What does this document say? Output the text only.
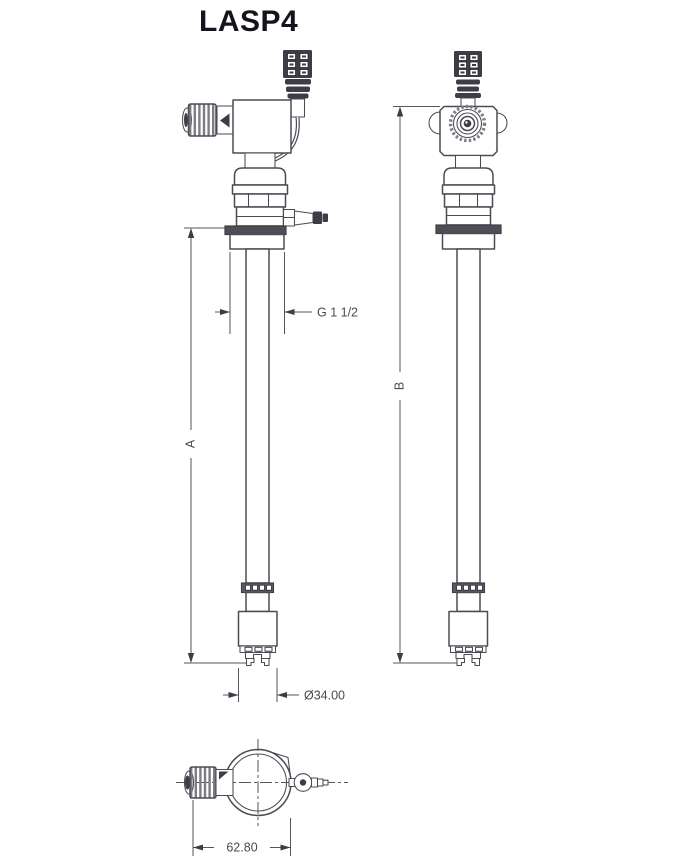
LASP4
A
B
G 1 1/2
Ø34.00
62.80
